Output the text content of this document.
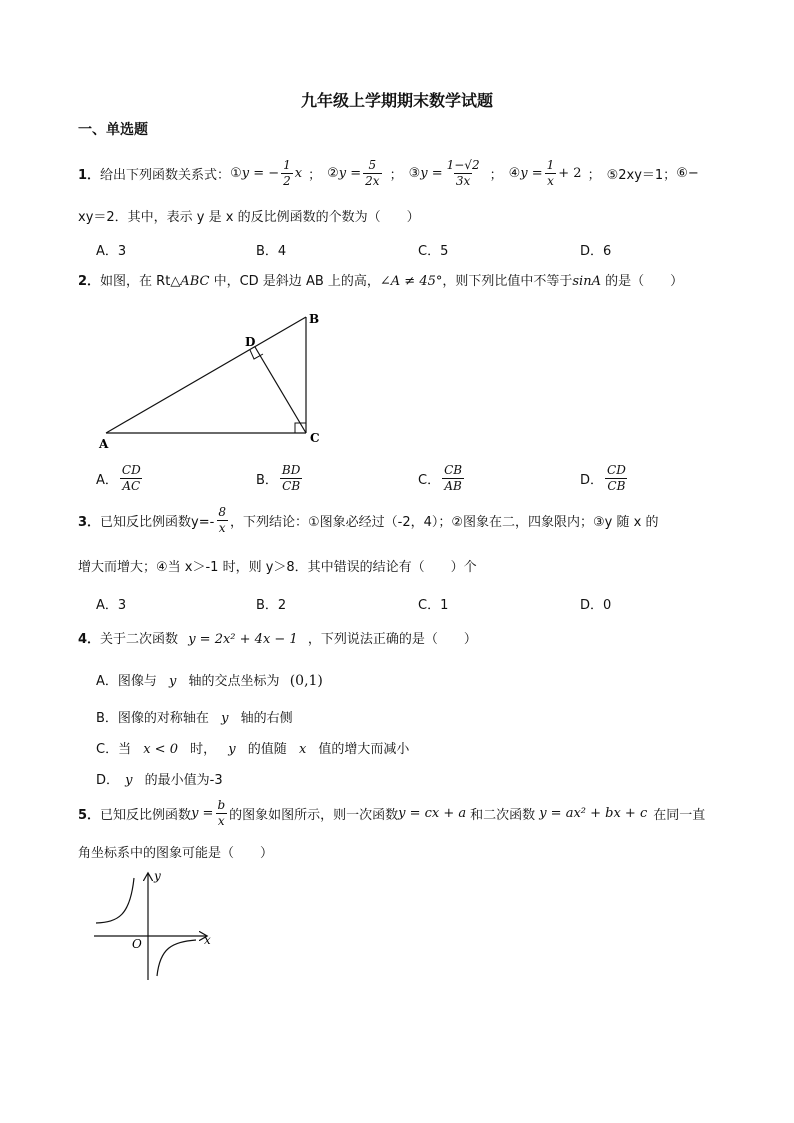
九年级上学期期末数学试题
一、单选题
1． 给出下列函数关系式： ① y = − $\frac{1}{2}$ x ； ② $y = \frac{5}{2x}$ ； ③ $y = \frac{1-√2}{3x}$ ； ④ $y = \frac{1}{x} + 2$ ； ⑤2xy＝1； ⑥−
xy＝2．其中，表示 y 是 x 的反比例函数的个数为（　　）
A．3	B．4	C．5	D．6
2．如图，在 Rt△ABC 中，CD 是斜边 AB 上的高，∠A ≠ 45°，则下列比值中不等于sinA 的是（　　）
A
B
C
D
A． $\frac{CD}{AC}$	B． $\frac{BD}{CB}$	C． $\frac{CB}{AB}$	D． $\frac{CD}{CB}$
3． 已知反比例函数$y=- \frac{8}{x}$ ，下列结论：①图象必经过（-2，4）；②图象在二，四象限内；③y 随 x 的
增大而增大；④当 x＞-1 时，则 y＞8．其中错误的结论有（　　）个
A．3	B．2	C．1	D．0
4．关于二次函数 y = 2x² + 4x − 1 ，下列说法正确的是（　　）
A．图像与 y 轴的交点坐标为 (0,1)
B．图像的对称轴在 y 轴的右侧
C．当 x < 0 时， y 的值随 x 值的增大而减小
D． y 的最小值为-3
5． 已知反比例函数 $y = \frac{b}{x}$ 的图象如图所示，则一次函数 y = cx + a 和二次函数 y = ax² + bx + c 在同一直
角坐标系中的图象可能是（　　）
y
x
O
